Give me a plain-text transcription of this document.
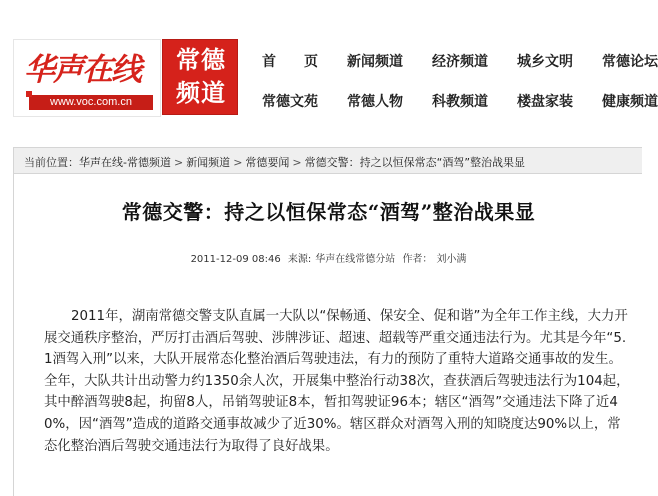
华声在线
www.voc.com.cn
常德
频道
首　　页 新闻频道 经济频道 城乡文明 常德论坛
常德文苑 常德人物 科教频道 楼盘家装 健康频道
当前位置：华声在线-常德频道 > 新闻频道 > 常德要闻 > 常德交警：持之以恒保常态“酒驾”整治战果显
常德交警：持之以恒保常态“酒驾”整治战果显
2011-12-09 08:46 来源: 华声在线常德分站 作者： 刘小满

2011年，湖南常德交警支队直属一大队以“保畅通、保安全、促和谐”为全年工作主线，大力开展交通秩序整治，严厉打击酒后驾驶、涉牌涉证、超速、超载等严重交通违法行为。尤其是今年“5.1酒驾入刑”以来，大队开展常态化整治酒后驾驶违法，有力的预防了重特大道路交通事故的发生。全年，大队共计出动警力约1350余人次，开展集中整治行动38次，查获酒后驾驶违法行为104起，其中醉酒驾驶8起，拘留8人，吊销驾驶证8本，暂扣驾驶证96本；辖区“酒驾”交通违法下降了近40%，因“酒驾”造成的道路交通事故减少了近30%。辖区群众对酒驾入刑的知晓度达90%以上，常态化整治酒后驾驶交通违法行为取得了良好战果。
